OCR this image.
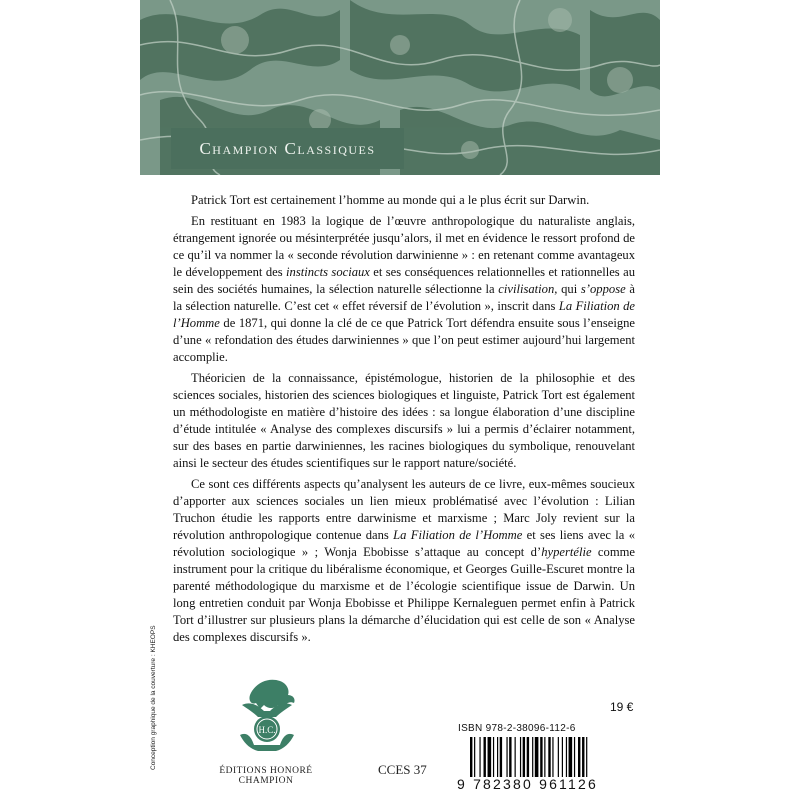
Champion Classiques

Patrick Tort est certainement l’homme au monde qui a le plus écrit sur Darwin.

En restituant en 1983 la logique de l’œuvre anthropologique du naturaliste anglais, étrangement ignorée ou mésinterprétée jusqu’alors, il met en évidence le ressort profond de ce qu’il va nommer la « seconde révolution darwinienne » : en retenant comme avantageux le développement des instincts sociaux et ses conséquences relationnelles et rationnelles au sein des sociétés humaines, la sélection naturelle sélectionne la civilisation, qui s’oppose à la sélection naturelle. C’est cet « effet réversif de l’évolution », inscrit dans La Filiation de l’Homme de 1871, qui donne la clé de ce que Patrick Tort défendra ensuite sous l’enseigne d’une « refondation des études darwiniennes » que l’on peut estimer aujourd’hui largement accomplie.

Théoricien de la connaissance, épistémologue, historien de la philosophie et des sciences sociales, historien des sciences biologiques et linguiste, Patrick Tort est également un méthodologiste en matière d’histoire des idées : sa longue élaboration d’une discipline d’étude intitulée « Analyse des complexes discursifs » lui a permis d’éclairer notamment, sur des bases en partie darwiniennes, les racines biologiques du symbolique, renouvelant ainsi le secteur des études scientifiques sur le rapport nature/société.

Ce sont ces différents aspects qu’analysent les auteurs de ce livre, eux-mêmes soucieux d’apporter aux sciences sociales un lien mieux problématisé avec l’évolution : Lilian Truchon étudie les rapports entre darwinisme et marxisme ; Marc Joly revient sur la révolution anthropologique contenue dans La Filiation de l’Homme et ses liens avec la « révolution sociologique » ; Wonja Ebobisse s’attaque au concept d’hypertélie comme instrument pour la critique du libéralisme économique, et Georges Guille-Escuret montre la parenté méthodologique du marxisme et de l’écologie scientifique issue de Darwin. Un long entretien conduit par Wonja Ebobisse et Philippe Kernaleguen permet enfin à Patrick Tort d’illustrer sur plusieurs plans la démarche d’élucidation qui est celle de son « Analyse des complexes discursifs ».

Conception graphique de la couverture : KHEOPS	H.C.
ÉDITIONS HONORÉ CHAMPION
CCES 37
19 €
ISBN 978-2-38096-112-6
9 782380 961126
